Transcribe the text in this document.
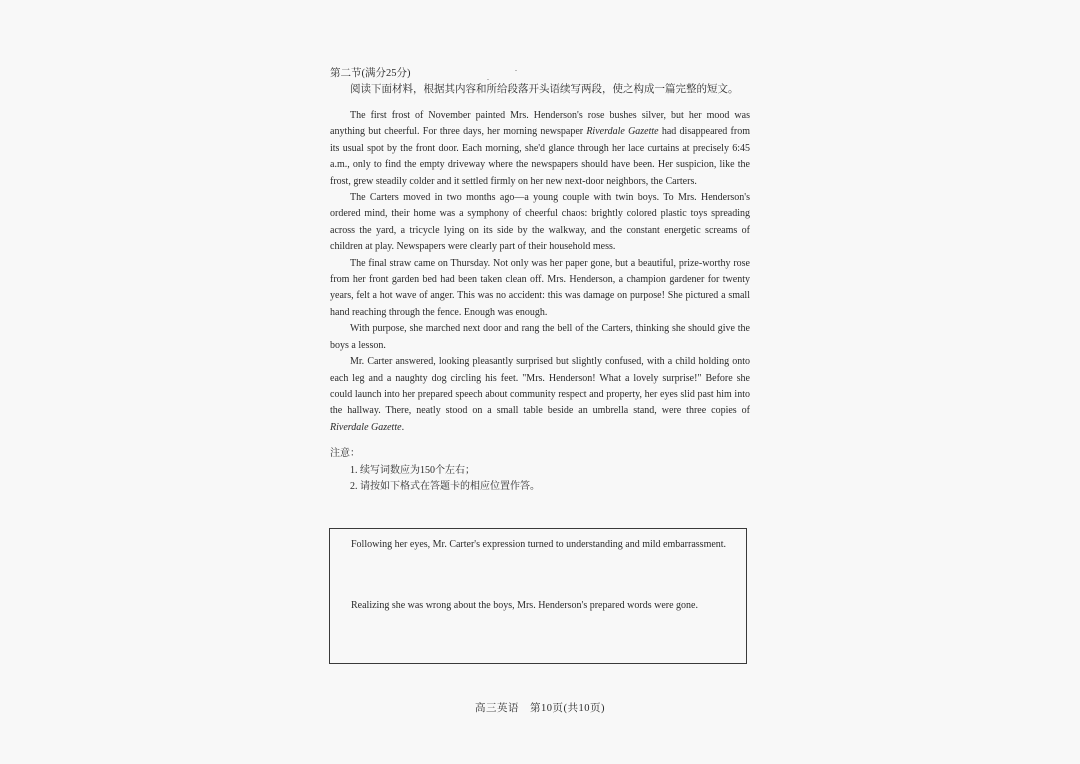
第二节(满分25分)

阅读下面材料，根据其内容和所给段落开头语续写两段，使之构成一篇完整的短文。

The first frost of November painted Mrs. Henderson's rose bushes silver, but her mood was anything but cheerful. For three days, her morning newspaper Riverdale Gazette had disappeared from its usual spot by the front door. Each morning, she'd glance through her lace curtains at precisely 6:45 a.m., only to find the empty driveway where the newspapers should have been. Her suspicion, like the frost, grew steadily colder and it settled firmly on her new next-door neighbors, the Carters.

The Carters moved in two months ago—a young couple with twin boys. To Mrs. Henderson's ordered mind, their home was a symphony of cheerful chaos: brightly colored plastic toys spreading across the yard, a tricycle lying on its side by the walkway, and the constant energetic screams of children at play. Newspapers were clearly part of their household mess.

The final straw came on Thursday. Not only was her paper gone, but a beautiful, prize-worthy rose from her front garden bed had been taken clean off. Mrs. Henderson, a champion gardener for twenty years, felt a hot wave of anger. This was no accident: this was damage on purpose! She pictured a small hand reaching through the fence. Enough was enough.

With purpose, she marched next door and rang the bell of the Carters, thinking she should give the boys a lesson.

Mr. Carter answered, looking pleasantly surprised but slightly confused, with a child holding onto each leg and a naughty dog circling his feet. "Mrs. Henderson! What a lovely surprise!" Before she could launch into her prepared speech about community respect and property, her eyes slid past him into the hallway. There, neatly stood on a small table beside an umbrella stand, were three copies of Riverdale Gazette.

注意：

1. 续写词数应为150个左右；

2. 请按如下格式在答题卡的相应位置作答。

Following her eyes, Mr. Carter's expression turned to understanding and mild embarrassment.

Realizing she was wrong about the boys, Mrs. Henderson's prepared words were gone.

高三英语　第10页(共10页)
